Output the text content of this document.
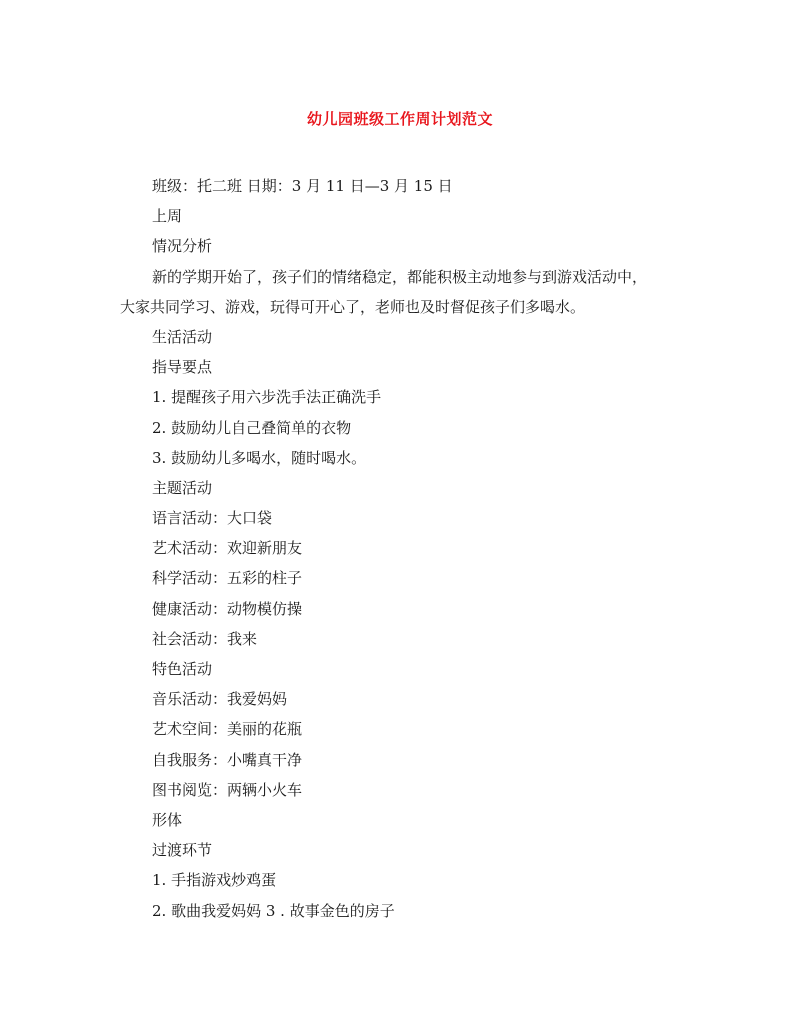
幼儿园班级工作周计划范文
班级：托二班 日期：3 月 11 日—3 月 15 日
上周
情况分析
新的学期开始了，孩子们的情绪稳定，都能积极主动地参与到游戏活动中，
大家共同学习、游戏，玩得可开心了，老师也及时督促孩子们多喝水。
生活活动
指导要点
1. 提醒孩子用六步洗手法正确洗手
2. 鼓励幼儿自己叠简单的衣物
3. 鼓励幼儿多喝水，随时喝水。
主题活动
语言活动：大口袋
艺术活动：欢迎新朋友
科学活动：五彩的柱子
健康活动：动物模仿操
社会活动：我来
特色活动
音乐活动：我爱妈妈
艺术空间：美丽的花瓶
自我服务：小嘴真干净
图书阅览：两辆小火车
形体
过渡环节
1. 手指游戏炒鸡蛋
2. 歌曲我爱妈妈 3 . 故事金色的房子
